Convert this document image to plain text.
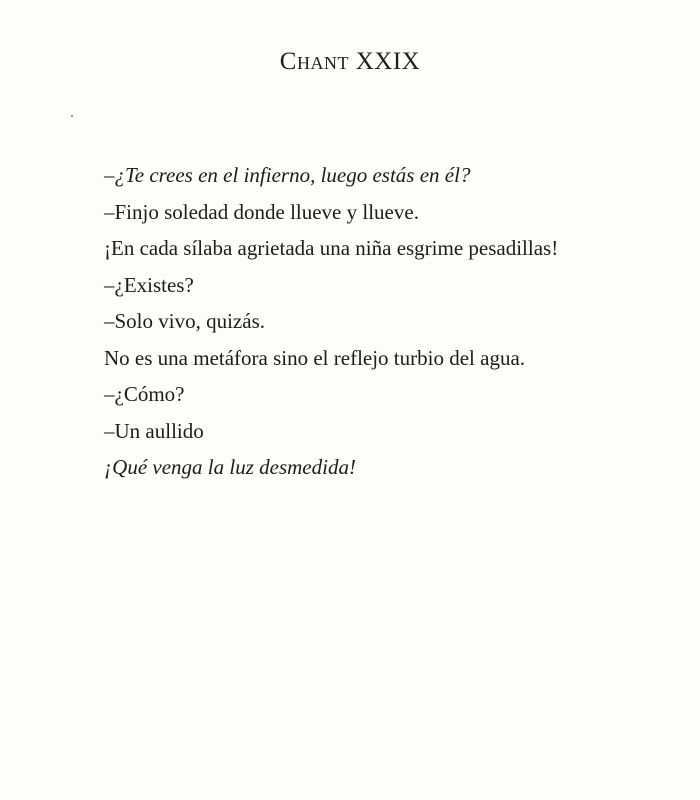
Chant XXIX
–¿Te crees en el infierno, luego estás en él?
–Finjo soledad donde llueve y llueve.
¡En cada sílaba agrietada una niña esgrime pesadillas!
–¿Existes?
–Solo vivo, quizás.
No es una metáfora sino el reflejo turbio del agua.
–¿Cómo?
–Un aullido
¡Qué venga la luz desmedida!
